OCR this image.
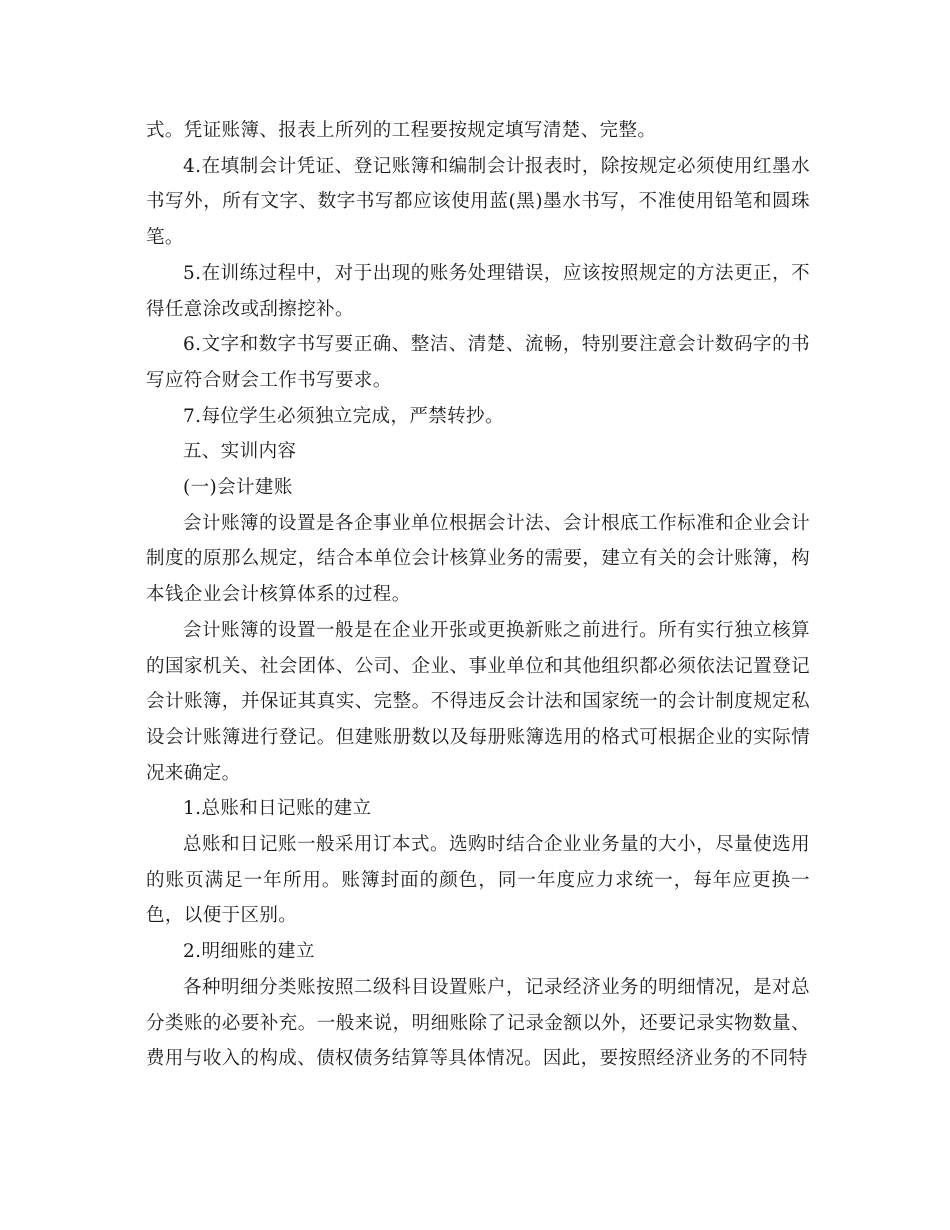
式。凭证账簿、报表上所列的工程要按规定填写清楚、完整。

4.在填制会计凭证、登记账簿和编制会计报表时，除按规定必须使用红墨水书写外，所有文字、数字书写都应该使用蓝(黑)墨水书写，不准使用铅笔和圆珠笔。

5.在训练过程中，对于出现的账务处理错误，应该按照规定的方法更正，不得任意涂改或刮擦挖补。

6.文字和数字书写要正确、整洁、清楚、流畅，特别要注意会计数码字的书写应符合财会工作书写要求。

7.每位学生必须独立完成，严禁转抄。

五、实训内容

(一)会计建账

会计账簿的设置是各企事业单位根据会计法、会计根底工作标准和企业会计制度的原那么规定，结合本单位会计核算业务的需要，建立有关的会计账簿，构本钱企业会计核算体系的过程。

会计账簿的设置一般是在企业开张或更换新账之前进行。所有实行独立核算的国家机关、社会团体、公司、企业、事业单位和其他组织都必须依法记置登记会计账簿，并保证其真实、完整。不得违反会计法和国家统一的会计制度规定私设会计账簿进行登记。但建账册数以及每册账簿选用的格式可根据企业的实际情况来确定。

1.总账和日记账的建立

总账和日记账一般采用订本式。选购时结合企业业务量的大小，尽量使选用的账页满足一年所用。账簿封面的颜色，同一年度应力求统一，每年应更换一色，以便于区别。

2.明细账的建立

各种明细分类账按照二级科目设置账户，记录经济业务的明细情况，是对总分类账的必要补充。一般来说，明细账除了记录金额以外，还要记录实物数量、费用与收入的构成、债权债务结算等具体情况。因此，要按照经济业务的不同特
